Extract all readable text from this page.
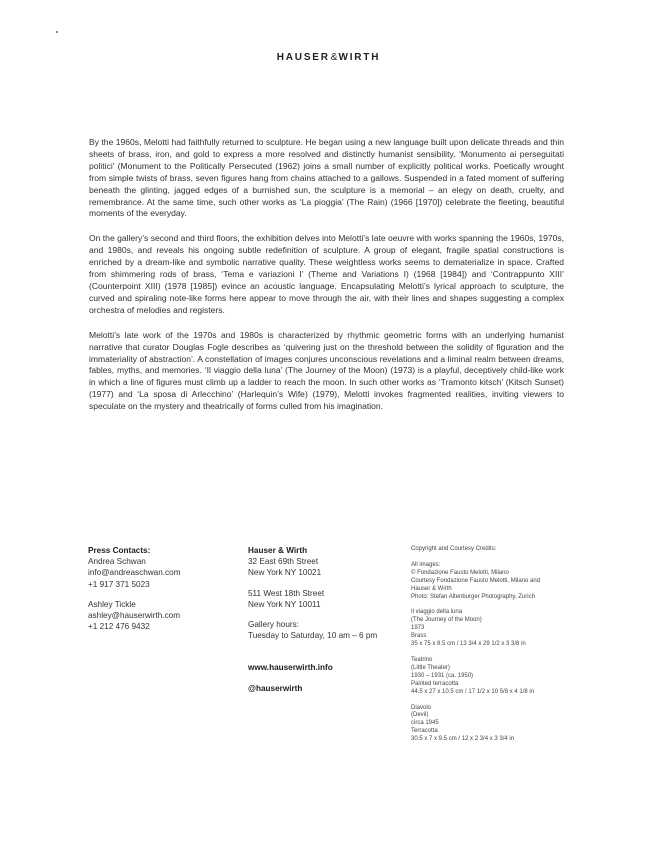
HAUSER&WIRTH

By the 1960s, Melotti had faithfully returned to sculpture. He began using a new language built upon delicate threads and thin sheets of brass, iron, and gold to express a more resolved and distinctly humanist sensibility. ‘Monumento ai perseguitati politici’ (Monument to the Politically Persecuted (1962) joins a small number of explicitly political works. Poetically wrought from simple twists of brass, seven figures hang from chains attached to a gallows. Suspended in a fated moment of suffering beneath the glinting, jagged edges of a burnished sun, the sculpture is a memorial – an elegy on death, cruelty, and remembrance. At the same time, such other works as ‘La pioggia’ (The Rain) (1966 [1970]) celebrate the fleeting, beautiful moments of the everyday.

On the gallery’s second and third floors, the exhibition delves into Melotti’s late oeuvre with works spanning the 1960s, 1970s, and 1980s, and reveals his ongoing subtle redefinition of sculpture. A group of elegant, fragile spatial constructions is enriched by a dream-like and symbolic narrative quality. These weightless works seems to dematerialize in space. Crafted from shimmering rods of brass, ‘Tema e variazioni I’ (Theme and Variations I) (1968 [1984]) and ‘Contrappunto XIII’ (Counterpoint XIII) (1978 [1985]) evince an acoustic language. Encapsulating Melotti’s lyrical approach to sculpture, the curved and spiraling note-like forms here appear to move through the air, with their lines and shapes suggesting a complex orchestra of melodies and registers.

Melotti’s late work of the 1970s and 1980s is characterized by rhythmic geometric forms with an underlying humanist narrative that curator Douglas Fogle describes as ‘quivering just on the threshold between the solidity of figuration and the immateriality of abstraction’. A constellation of images conjures unconscious revelations and a liminal realm between dreams, fables, myths, and memories. ‘Il viaggio della luna’ (The Journey of the Moon) (1973) is a playful, deceptively child-like work in which a line of figures must climb up a ladder to reach the moon. In such other works as ‘Tramonto kitsch’ (Kitsch Sunset) (1977) and ‘La sposa di Arlecchino’ (Harlequin’s Wife) (1979), Melotti invokes fragmented realities, inviting viewers to speculate on the mystery and theatrically of forms culled from his imagination.

Press Contacts:
Andrea Schwan
info@andreaschwan.com
+1 917 371 5023
Ashley Tickle
ashley@hauserwirth.com
+1 212 476 9432
Hauser & Wirth
32 East 69th Street
New York NY 10021
511 West 18th Street
New York NY 10011
Gallery hours:
Tuesday to Saturday, 10 am – 6 pm
www.hauserwirth.info
@hauserwirth
Copyright and Courtesy Credits:
All images:
© Fondazione Fausto Melotti, Milano
Courtesy Fondazione Fausto Melotti, Milano and
Hauser & Wirth
Photo: Stefan Altenburger Photography, Zurich
Il viaggio della luna
(The Journey of the Moon)
1973
Brass
35 x 75 x 8.5 cm / 13 3/4 x 29 1/2 x 3 3/8 in
Teatrino
(Little Theater)
1930 – 1931 (ca. 1950)
Painted terracotta
44.5 x 27 x 10.5 cm / 17 1/2 x 10 5/8 x 4 1/8 in
Diavolo
(Devil)
circa 1945
Terracotta
30.5 x 7 x 9.5 cm / 12 x 2 3/4 x 3 3/4 in
